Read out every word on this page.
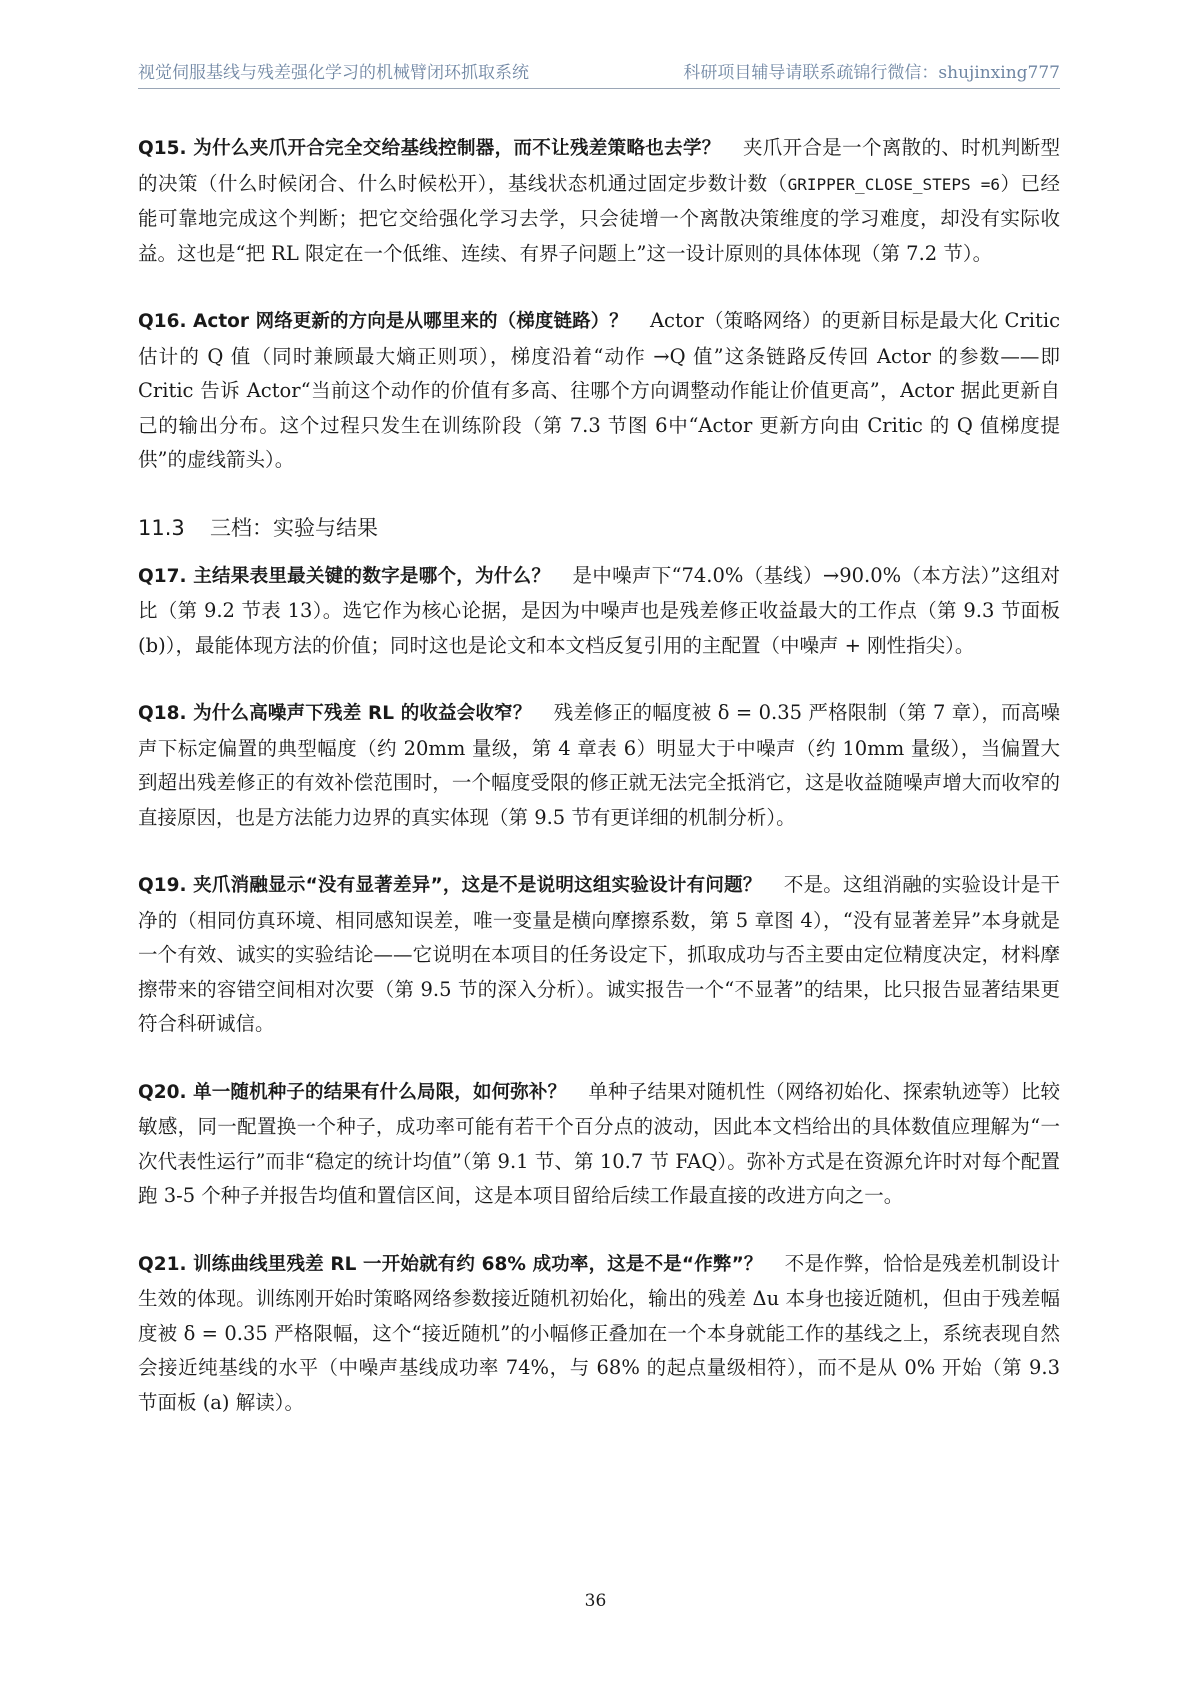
视觉伺服基线与残差强化学习的机械臂闭环抓取系统	科研项目辅导请联系疏锦行微信：shujinxing777

Q15. 为什么夹爪开合完全交给基线控制器，而不让残差策略也去学？ 夹爪开合是一个离散的、时机判断型的决策（什么时候闭合、什么时候松开），基线状态机通过固定步数计数（GRIPPER_CLOSE_STEPS =6）已经能可靠地完成这个判断；把它交给强化学习去学，只会徒增一个离散决策维度的学习难度，却没有实际收益。这也是“把 RL 限定在一个低维、连续、有界子问题上”这一设计原则的具体体现（第 7.2 节）。

Q16. Actor 网络更新的方向是从哪里来的（梯度链路）？ Actor（策略网络）的更新目标是最大化 Critic 估计的 Q 值（同时兼顾最大熵正则项），梯度沿着“动作 →Q 值”这条链路反传回 Actor 的参数——即 Critic 告诉 Actor“当前这个动作的价值有多高、往哪个方向调整动作能让价值更高”，Actor 据此更新自己的输出分布。这个过程只发生在训练阶段（第 7.3 节图 6中“Actor 更新方向由 Critic 的 Q 值梯度提供”的虚线箭头）。

11.3 三档：实验与结果

Q17. 主结果表里最关键的数字是哪个，为什么？ 是中噪声下“74.0%（基线）→90.0%（本方法）”这组对比（第 9.2 节表 13）。选它作为核心论据，是因为中噪声也是残差修正收益最大的工作点（第 9.3 节面板 (b)），最能体现方法的价值；同时这也是论文和本文档反复引用的主配置（中噪声 + 刚性指尖）。

Q18. 为什么高噪声下残差 RL 的收益会收窄？ 残差修正的幅度被 δ = 0.35 严格限制（第 7 章），而高噪声下标定偏置的典型幅度（约 20mm 量级，第 4 章表 6）明显大于中噪声（约 10mm 量级），当偏置大到超出残差修正的有效补偿范围时，一个幅度受限的修正就无法完全抵消它，这是收益随噪声增大而收窄的直接原因，也是方法能力边界的真实体现（第 9.5 节有更详细的机制分析）。

Q19. 夹爪消融显示“没有显著差异”，这是不是说明这组实验设计有问题？ 不是。这组消融的实验设计是干净的（相同仿真环境、相同感知误差，唯一变量是横向摩擦系数，第 5 章图 4），“没有显著差异”本身就是一个有效、诚实的实验结论——它说明在本项目的任务设定下，抓取成功与否主要由定位精度决定，材料摩擦带来的容错空间相对次要（第 9.5 节的深入分析）。诚实报告一个“不显著”的结果，比只报告显著结果更符合科研诚信。

Q20. 单一随机种子的结果有什么局限，如何弥补？ 单种子结果对随机性（网络初始化、探索轨迹等）比较敏感，同一配置换一个种子，成功率可能有若干个百分点的波动，因此本文档给出的具体数值应理解为“一次代表性运行”而非“稳定的统计均值”（第 9.1 节、第 10.7 节 FAQ）。弥补方式是在资源允许时对每个配置跑 3-5 个种子并报告均值和置信区间，这是本项目留给后续工作最直接的改进方向之一。

Q21. 训练曲线里残差 RL 一开始就有约 68% 成功率，这是不是“作弊”？ 不是作弊，恰恰是残差机制设计生效的体现。训练刚开始时策略网络参数接近随机初始化，输出的残差 Δu 本身也接近随机，但由于残差幅度被 δ = 0.35 严格限幅，这个“接近随机”的小幅修正叠加在一个本身就能工作的基线之上，系统表现自然会接近纯基线的水平（中噪声基线成功率 74%，与 68% 的起点量级相符），而不是从 0% 开始（第 9.3 节面板 (a) 解读）。

36
